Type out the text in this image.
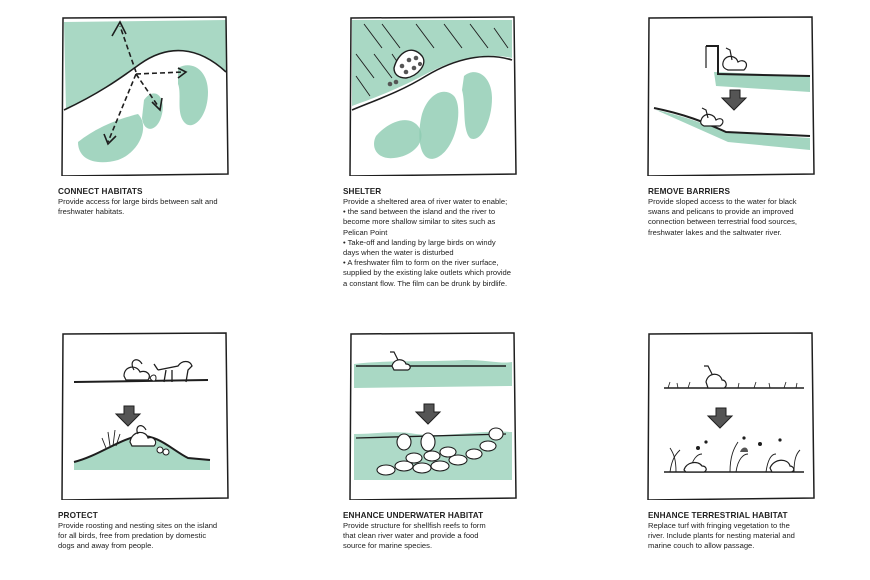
CONNECT HABITATS

Provide access for large birds between salt and

freshwater habitats.

SHELTER

Provide a sheltered area of river water to enable;

• the sand between the island and the river to

become more shallow similar to sites such as

Pelican Point

• Take-off and landing by large birds on windy

days when the water is disturbed

• A freshwater film to form on the river surface,

supplied by the existing lake outlets which provide

a constant flow. The film can be drunk by birdlife.

REMOVE BARRIERS

Provide sloped access to the water for black

swans and pelicans to provide an improved

connection between terrestrial food sources,

freshwater lakes and the saltwater river.

PROTECT

Provide roosting and nesting sites on the island

for all birds, free from predation by domestic

dogs and away from people.

ENHANCE UNDERWATER HABITAT

Provide structure for shellfish reefs to form

that clean river water and provide a food

source for marine species.

ENHANCE TERRESTRIAL HABITAT

Replace turf with fringing vegetation to the

river. Include plants for nesting material and

marine couch to allow passage.
